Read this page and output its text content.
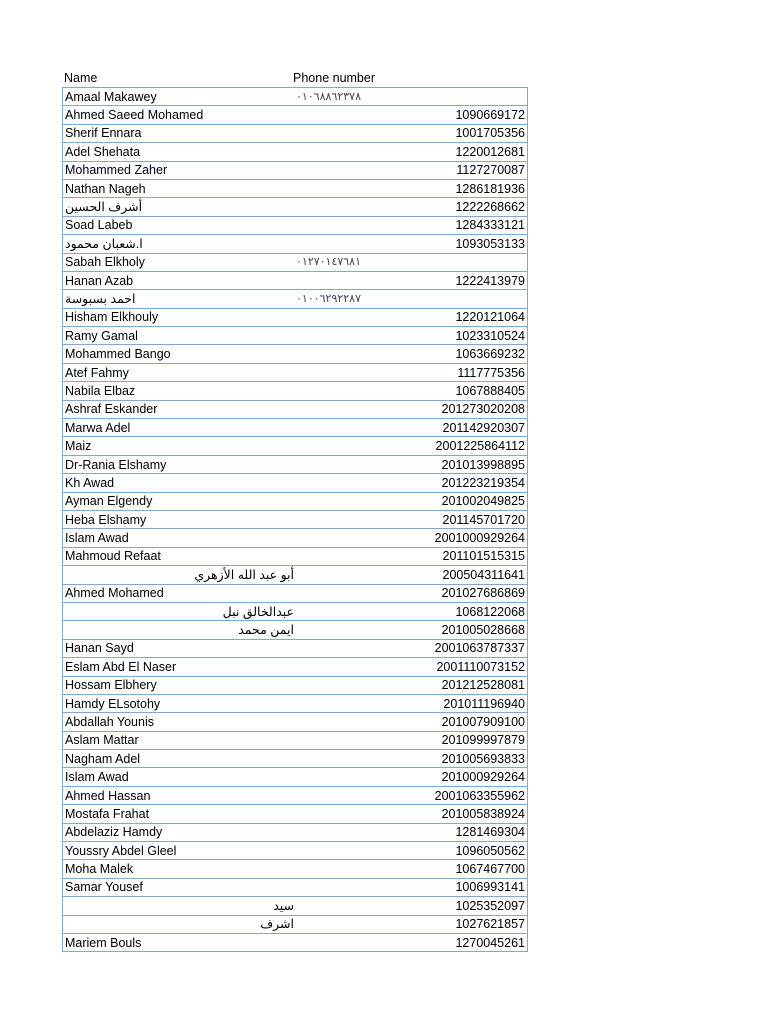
Name	Phone number
Amaal Makawey	٠١٠٦٨٨٦٢٣٧٨
Ahmed Saeed Mohamed	1090669172
Sherif Ennara	1001705356
Adel Shehata	1220012681
Mohammed Zaher	1127270087
Nathan Nageh	1286181936
أشرف الحسين	1222268662
Soad Labeb	1284333121
ا.شعبان محمود	1093053133
Sabah Elkholy	٠١٢٧٠١٤٧٦٨١
Hanan Azab	1222413979
احمد بسبوسة	٠١٠٠٦٢٩٢٢٨٧
Hisham Elkhouly	1220121064
Ramy Gamal	1023310524
Mohammed Bango	1063669232
Atef Fahmy	1117775356
Nabila Elbaz	1067888405
Ashraf Eskander	201273020208
Marwa Adel	201142920307
Maiz	2001225864112
Dr-Rania Elshamy	201013998895
Kh Awad	201223219354
Ayman Elgendy	201002049825
Heba Elshamy	201145701720
Islam Awad	2001000929264
Mahmoud Refaat	201101515315
أبو عبد الله الأزهري	200504311641
Ahmed Mohamed	201027686869
عبدالخالق نبل	1068122068
ايمن محمد	201005028668
Hanan Sayd	2001063787337
Eslam Abd El Naser	2001110073152
Hossam Elbhery	201212528081
Hamdy ELsotohy	201011196940
Abdallah Younis	201007909100
Aslam Mattar	201099997879
Nagham Adel	201005693833
Islam Awad	201000929264
Ahmed Hassan	2001063355962
Mostafa Frahat	201005838924
Abdelaziz Hamdy	1281469304
Youssry Abdel Gleel	1096050562
Moha Malek	1067467700
Samar Yousef	1006993141
سيد	1025352097
اشرف	1027621857
Mariem Bouls	1270045261
